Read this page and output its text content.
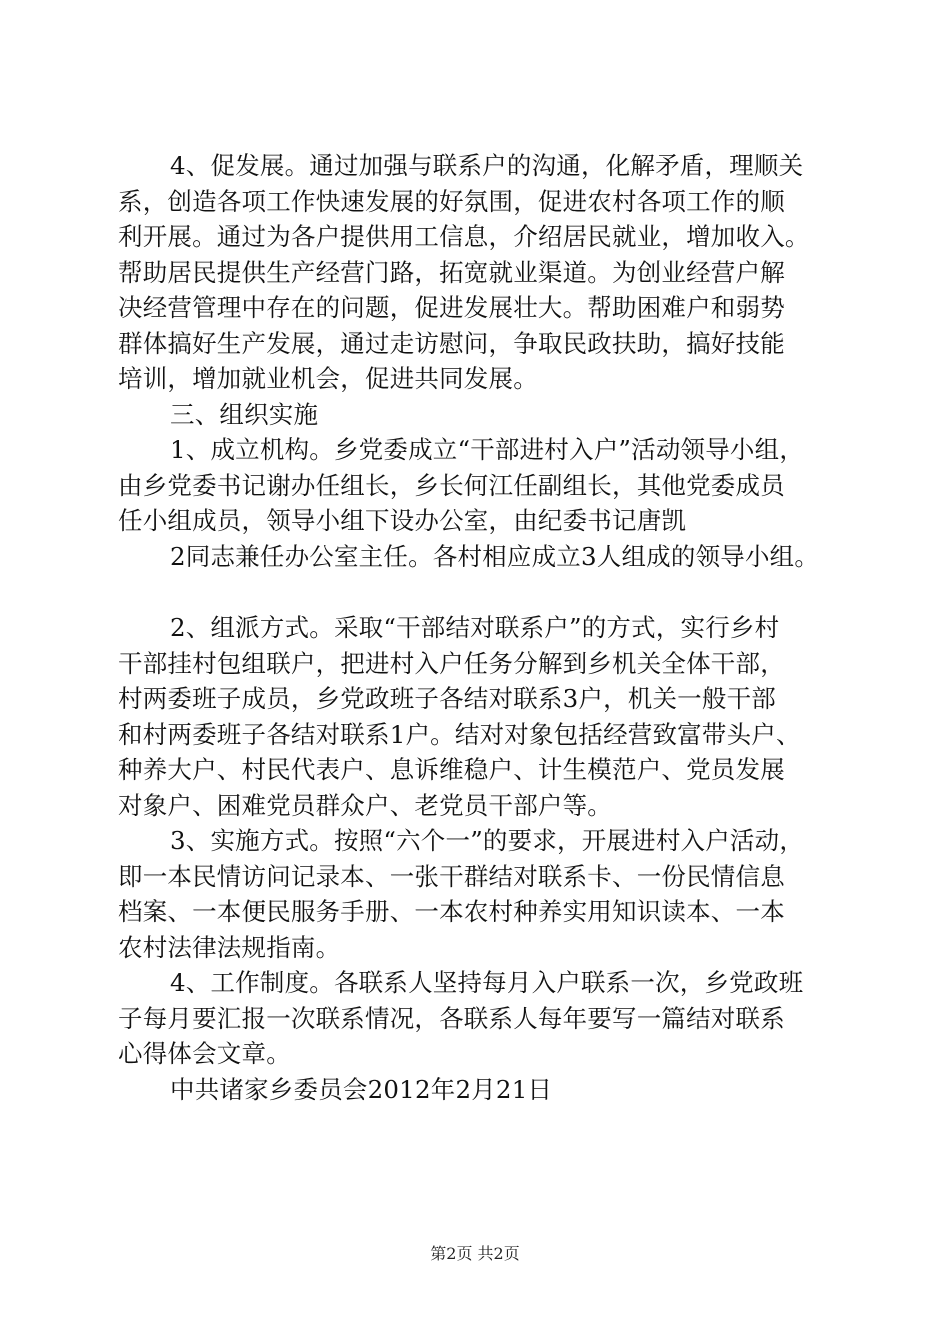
4、促发展。通过加强与联系户的沟通，化解矛盾，理顺关
系，创造各项工作快速发展的好氛围，促进农村各项工作的顺
利开展。通过为各户提供用工信息，介绍居民就业，增加收入。
帮助居民提供生产经营门路，拓宽就业渠道。为创业经营户解
决经营管理中存在的问题，促进发展壮大。帮助困难户和弱势
群体搞好生产发展，通过走访慰问，争取民政扶助，搞好技能
培训，增加就业机会，促进共同发展。
三、组织实施
1、成立机构。乡党委成立“干部进村入户”活动领导小组，
由乡党委书记谢办任组长，乡长何江任副组长，其他党委成员
任小组成员，领导小组下设办公室，由纪委书记唐凯
2同志兼任办公室主任。各村相应成立3人组成的领导小组。
2、组派方式。采取“干部结对联系户”的方式，实行乡村
干部挂村包组联户，把进村入户任务分解到乡机关全体干部，
村两委班子成员，乡党政班子各结对联系3户，机关一般干部
和村两委班子各结对联系1户。结对对象包括经营致富带头户、
种养大户、村民代表户、息诉维稳户、计生模范户、党员发展
对象户、困难党员群众户、老党员干部户等。
3、实施方式。按照“六个一”的要求，开展进村入户活动，
即一本民情访问记录本、一张干群结对联系卡、一份民情信息
档案、一本便民服务手册、一本农村种养实用知识读本、一本
农村法律法规指南。
4、工作制度。各联系人坚持每月入户联系一次，乡党政班
子每月要汇报一次联系情况，各联系人每年要写一篇结对联系
心得体会文章。
中共诸家乡委员会2012年2月21日
第2页 共2页
